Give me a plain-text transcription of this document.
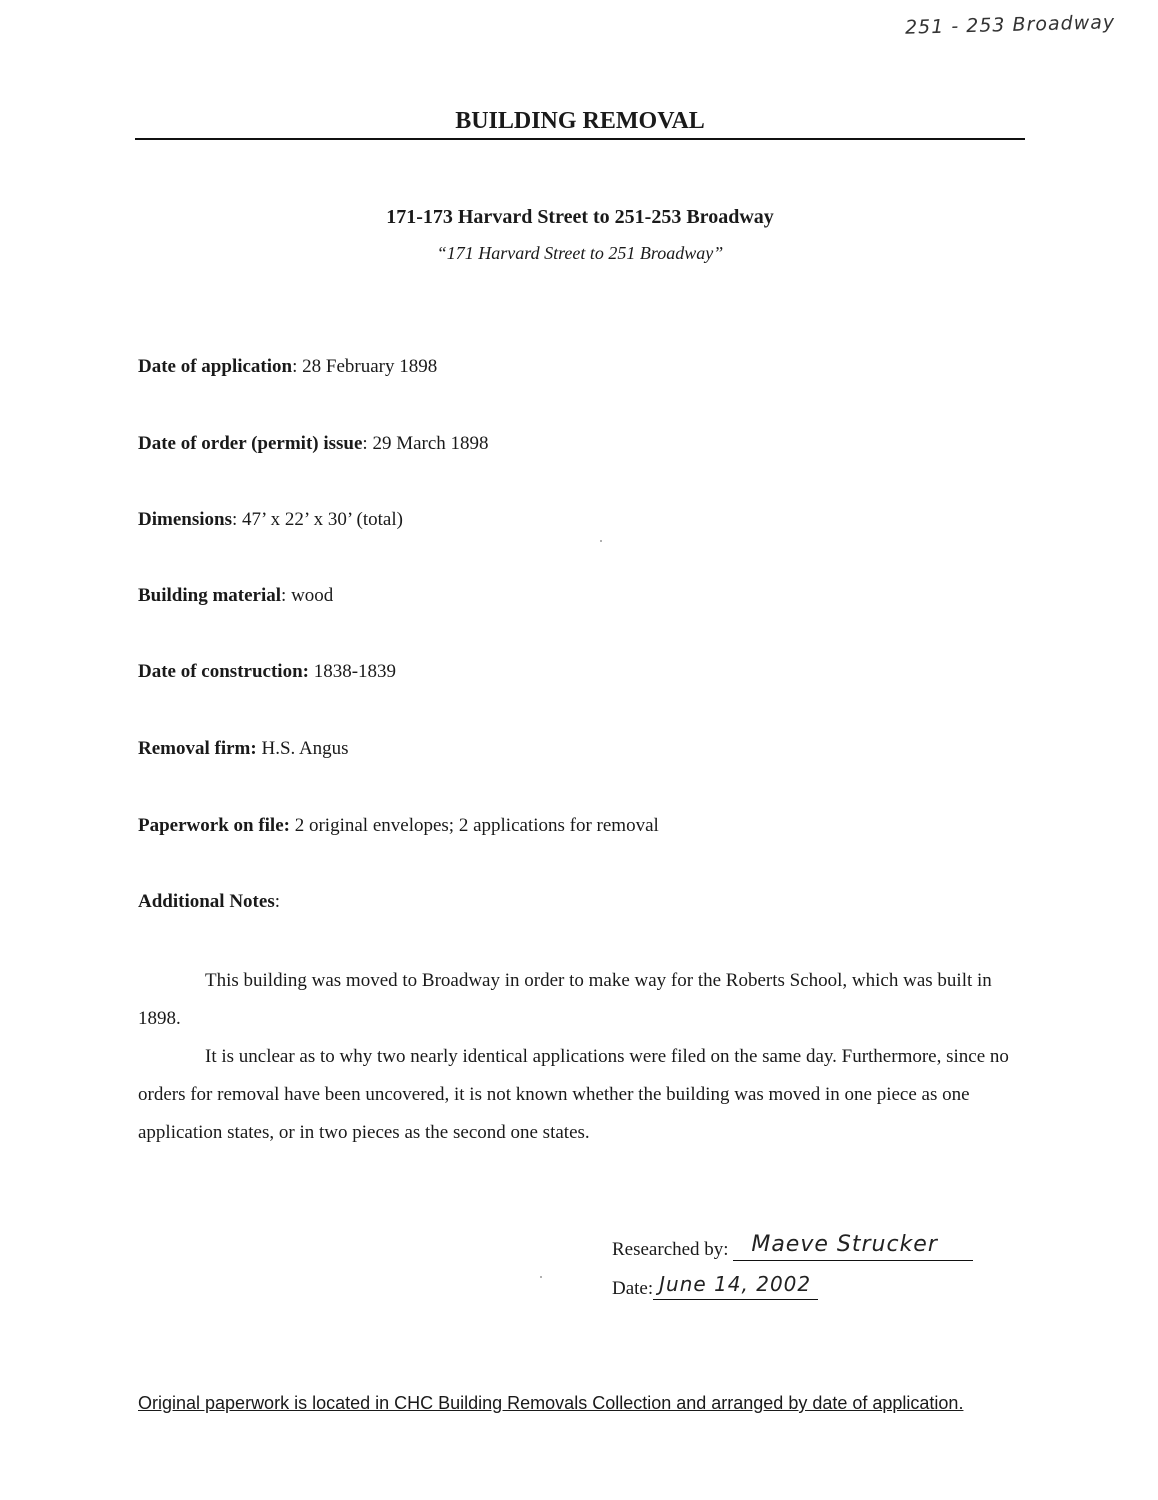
251 - 253 Broadway
BUILDING REMOVAL
171-173 Harvard Street to 251-253 Broadway
“171 Harvard Street to 251 Broadway”
Date of application: 28 February 1898
Date of order (permit) issue: 29 March 1898
Dimensions: 47’ x 22’ x 30’ (total)
Building material: wood
Date of construction: 1838-1839
Removal firm: H.S. Angus
Paperwork on file: 2 original envelopes; 2 applications for removal
Additional Notes:

This building was moved to Broadway in order to make way for the Roberts School, which was built in 1898.

It is unclear as to why two nearly identical applications were filed on the same day. Furthermore, since no orders for removal have been uncovered, it is not known whether the building was moved in one piece as one application states, or in two pieces as the second one states.

Researched by: Maeve Strucker
Date: June 14, 2002
Original paperwork is located in CHC Building Removals Collection and arranged by date of application.
